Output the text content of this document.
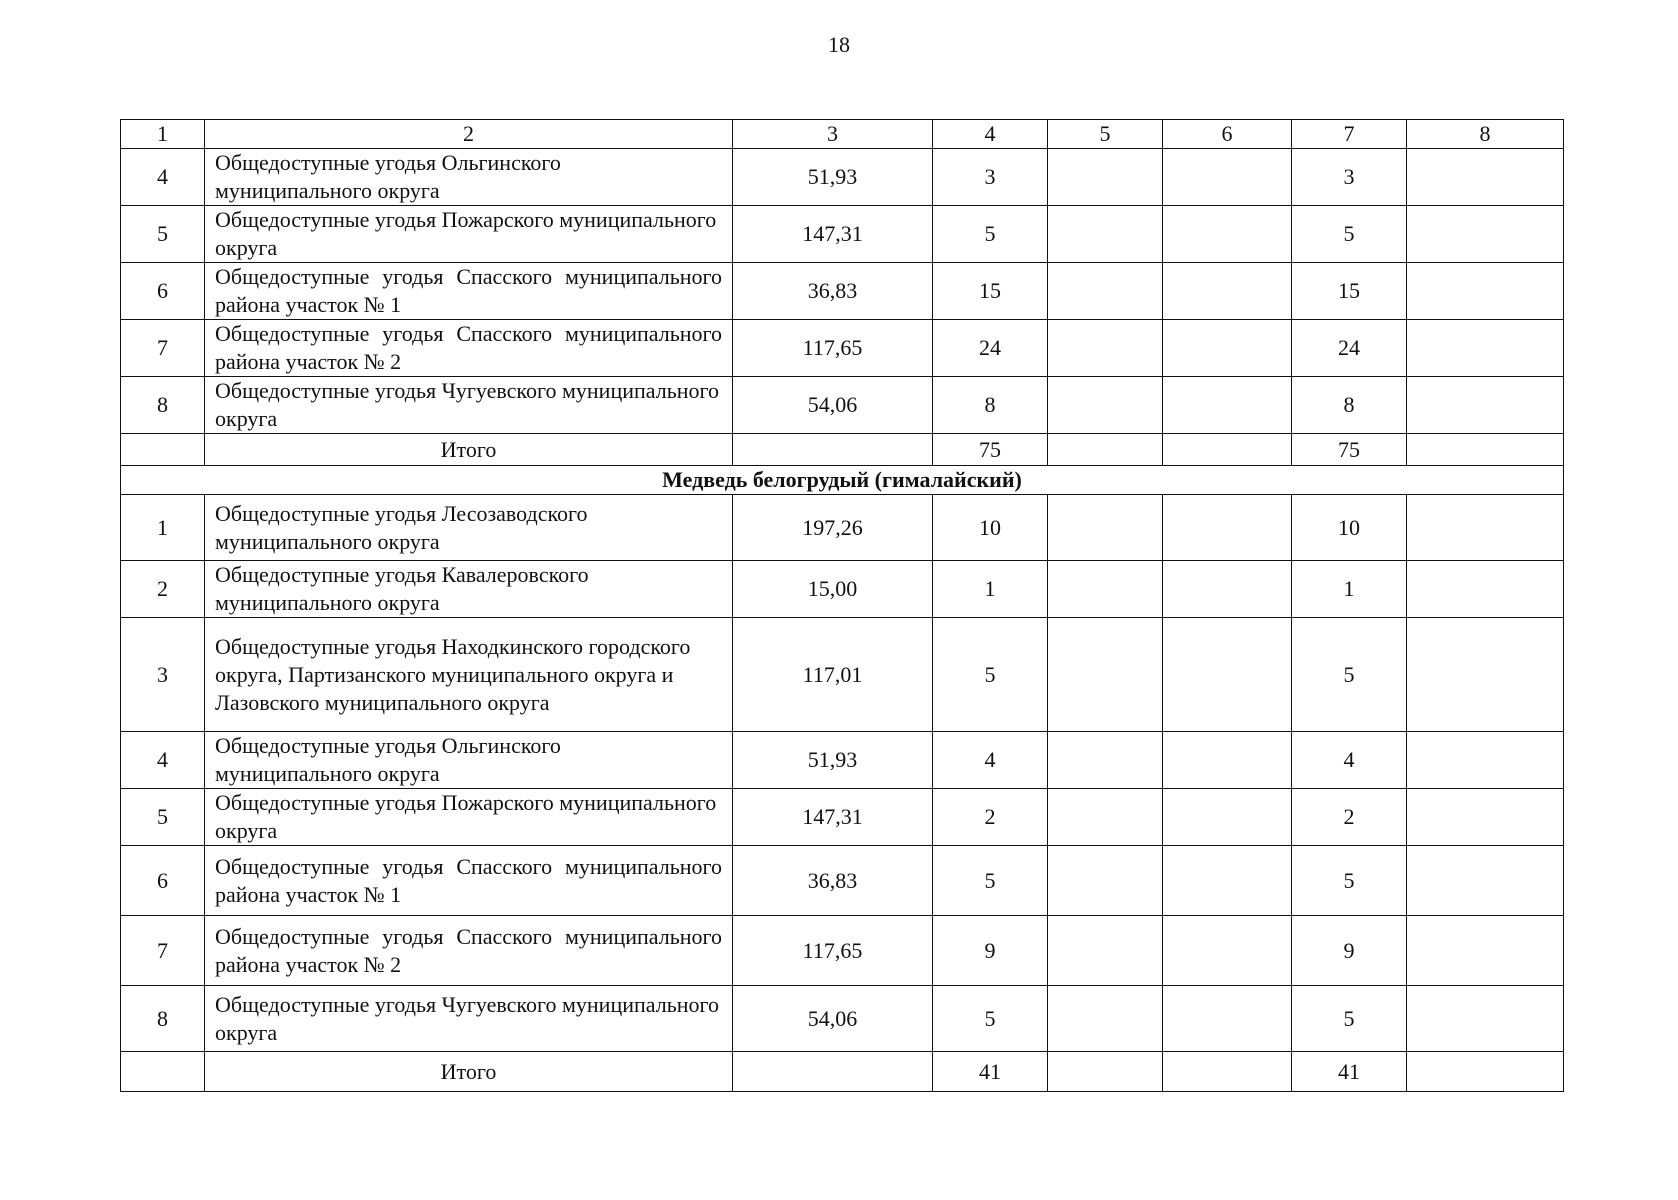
18
1	2	3	4	5	6	7	8
4	Общедоступные угодья Ольгинского муниципального округа	51,93	3			3	
5	Общедоступные угодья Пожарского муниципального округа	147,31	5			5	
6	Общедоступные угодья Спасского муниципального района участок № 1	36,83	15			15	
7	Общедоступные угодья Спасского муниципального района участок № 2	117,65	24			24	
8	Общедоступные угодья Чугуевского муниципального округа	54,06	8			8	
	Итого		75			75	
Медведь белогрудый (гималайский)							
1	Общедоступные угодья Лесозаводского муниципального округа	197,26	10			10	
2	Общедоступные угодья Кавалеровского муниципального округа	15,00	1			1	
3	Общедоступные угодья Находкинского городского округа, Партизанского муниципального округа и Лазовского муниципального округа	117,01	5			5	
4	Общедоступные угодья Ольгинского муниципального округа	51,93	4			4	
5	Общедоступные угодья Пожарского муниципального округа	147,31	2			2	
6	Общедоступные угодья Спасского муниципального района участок № 1	36,83	5			5	
7	Общедоступные угодья Спасского муниципального района участок № 2	117,65	9			9	
8	Общедоступные угодья Чугуевского муниципального округа	54,06	5			5	
	Итого		41			41	
